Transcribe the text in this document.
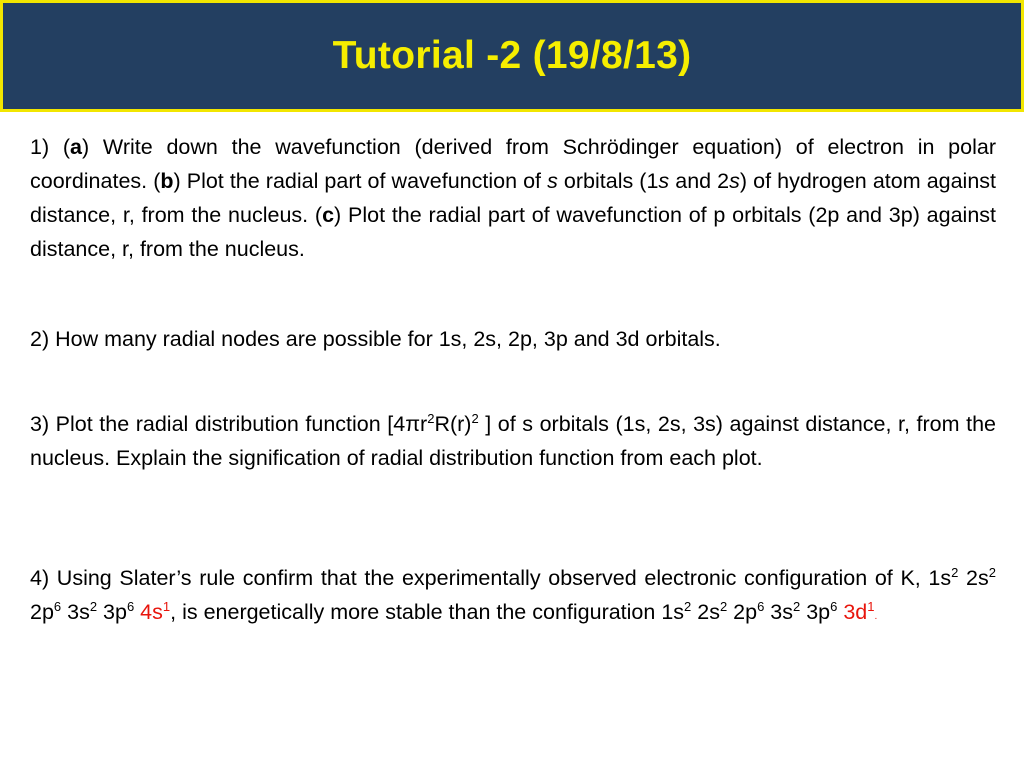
Tutorial -2 (19/8/13)
1) (a) Write down the wavefunction (derived from Schrödinger equation) of electron in polar coordinates. (b) Plot the radial part of wavefunction of s orbitals (1s and 2s) of hydrogen atom against distance, r, from the nucleus. (c) Plot the radial part of wavefunction of p orbitals (2p and 3p) against distance, r, from the nucleus.
2) How many radial nodes are possible for 1s, 2s, 2p, 3p and 3d orbitals.
3) Plot the radial distribution function [$4\pi r^2R(r)^2$ ] of s orbitals (1s, 2s, 3s) against distance, r, from the nucleus. Explain the signification of radial distribution function from each plot.
4) Using Slater’s rule confirm that the experimentally observed electronic configuration of K, $1s^2$ $2s^2$ $2p^6$ $3s^2$ $3p^6$ $4s^1$, is energetically more stable than the configuration $1s^2$ $2s^2$ $2p^6$ $3s^2$ $3p^6$ $3d^1$.
